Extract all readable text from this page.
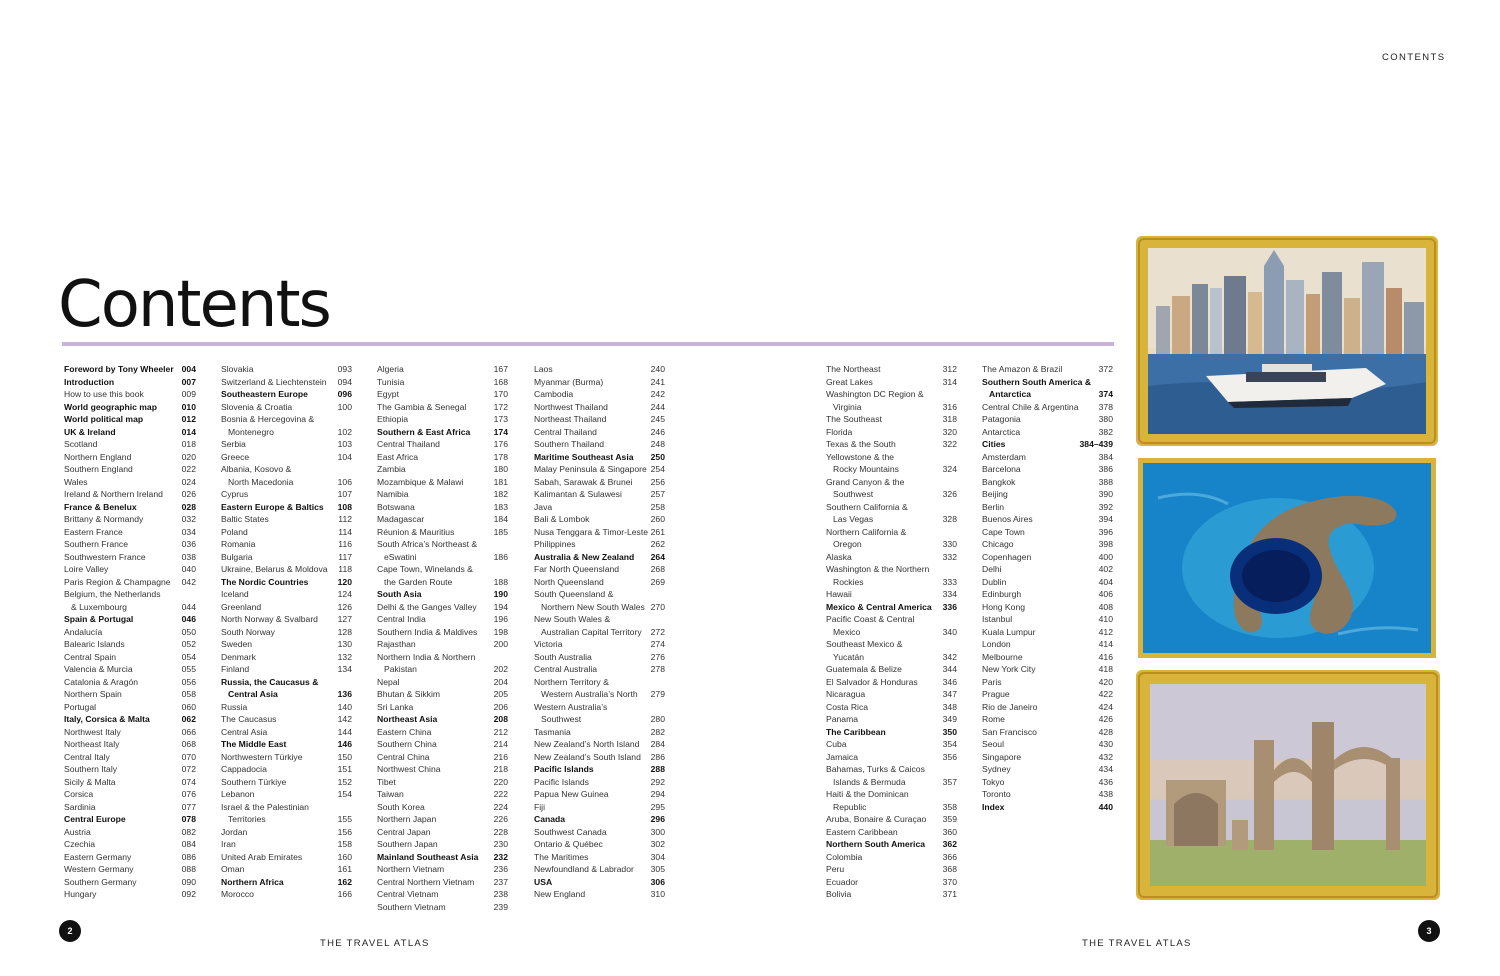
CONTENTS
Contents
Foreword by Tony Wheeler 004
Introduction	007
How to use this book	009
World geographic map	010
World political map	012
UK & Ireland	014
Scotland	018
Northern England	020
Southern England	022
Wales	024
Ireland & Northern Ireland	026
France & Benelux	028
Brittany & Normandy	032
Eastern France	034
Southern France	036
Southwestern France	038
Loire Valley	040
Paris Region & Champagne	042
Belgium, the Netherlands
& Luxembourg	044
Spain & Portugal	046
Andalucía	050
Balearic Islands	052
Central Spain	054
Valencia & Murcia	055
Catalonia & Aragón	056
Northern Spain	058
Portugal	060
Italy, Corsica & Malta	062
Northwest Italy	066
Northeast Italy	068
Central Italy	070
Southern Italy	072
Sicily & Malta	074
Corsica	076
Sardinia	077
Central Europe	078
Austria	082
Czechia	084
Eastern Germany	086
Western Germany	088
Southern Germany	090
Hungary	092
Slovakia	093
Switzerland & Liechtenstein	094
Southeastern Europe	096
Slovenia & Croatia	100
Bosnia & Hercegovina &
Montenegro	102
Serbia	103
Greece	104
Albania, Kosovo &
North Macedonia	106
Cyprus	107
Eastern Europe & Baltics	108
Baltic States	112
Poland	114
Romania	116
Bulgaria	117
Ukraine, Belarus & Moldova	118
The Nordic Countries	120
Iceland	124
Greenland	126
North Norway & Svalbard	127
South Norway	128
Sweden	130
Denmark	132
Finland	134
Russia, the Caucasus &
Central Asia	136
Russia	140
The Caucasus	142
Central Asia	144
The Middle East	146
Northwestern Türkiye	150
Cappadocia	151
Southern Türkiye	152
Lebanon	154
Israel & the Palestinian
Territories	155
Jordan	156
Iran	158
United Arab Emirates	160
Oman	161
Northern Africa	162
Morocco	166
Algeria	167
Tunisia	168
Egypt	170
The Gambia & Senegal	172
Ethiopia	173
Southern & East Africa	174
Central Thailand	176
East Africa	178
Zambia	180
Mozambique & Malawi	181
Namibia	182
Botswana	183
Madagascar	184
Réunion & Mauritius	185
South Africa’s Northeast &
eSwatini	186
Cape Town, Winelands &
the Garden Route	188
South Asia	190
Delhi & the Ganges Valley	194
Central India	196
Southern India & Maldives	198
Rajasthan	200
Northern India & Northern
Pakistan	202
Nepal	204
Bhutan & Sikkim	205
Sri Lanka	206
Northeast Asia	208
Eastern China	212
Southern China	214
Central China	216
Northwest China	218
Tibet	220
Taiwan	222
South Korea	224
Northern Japan	226
Central Japan	228
Southern Japan	230
Mainland Southeast Asia	232
Northern Vietnam	236
Central Northern Vietnam	237
Central Vietnam	238
Southern Vietnam	239
Laos	240
Myanmar (Burma)	241
Cambodia	242
Northwest Thailand	244
Northeast Thailand	245
Central Thailand	246
Southern Thailand	248
Maritime Southeast Asia	250
Malay Peninsula & Singapore 254
Sabah, Sarawak & Brunei	256
Kalimantan & Sulawesi	257
Java	258
Bali & Lombok	260
Nusa Tenggara & Timor-Leste 261
Philippines	262
Australia & New Zealand	264
Far North Queensland	268
North Queensland	269
South Queensland &
Northern New South Wales 270
New South Wales &
Australian Capital Territory	272
Victoria	274
South Australia	276
Central Australia	278
Northern Territory &
Western Australia’s North	279
Western Australia’s
Southwest	280
Tasmania	282
New Zealand’s North Island	284
New Zealand’s South Island	286
Pacific Islands	288
Pacific Islands	292
Papua New Guinea	294
Fiji	295
Canada	296
Southwest Canada	300
Ontario & Québec	302
The Maritimes	304
Newfoundland & Labrador	305
USA	306
New England	310
The Northeast	312
Great Lakes	314
Washington DC Region &
Virginia	316
The Southeast	318
Florida	320
Texas & the South	322
Yellowstone & the
Rocky Mountains	324
Grand Canyon & the
Southwest	326
Southern California &
Las Vegas	328
Northern California &
Oregon	330
Alaska	332
Washington & the Northern
Rockies	333
Hawaii	334
Mexico & Central America	336
Pacific Coast & Central
Mexico	340
Southeast Mexico &
Yucatán	342
Guatemala & Belize	344
El Salvador & Honduras	346
Nicaragua	347
Costa Rica	348
Panama	349
The Caribbean	350
Cuba	354
Jamaica	356
Bahamas, Turks & Caicos
Islands & Bermuda	357
Haiti & the Dominican
Republic	358
Aruba, Bonaire & Curaçao	359
Eastern Caribbean	360
Northern South America	362
Colombia	366
Peru	368
Ecuador	370
Bolivia	371
The Amazon & Brazil	372
Southern South America &
Antarctica	374
Central Chile & Argentina	378
Patagonia	380
Antarctica	382
Cities	384–439
Amsterdam	384
Barcelona	386
Bangkok	388
Beijing	390
Berlin	392
Buenos Aires	394
Cape Town	396
Chicago	398
Copenhagen	400
Delhi	402
Dublin	404
Edinburgh	406
Hong Kong	408
Istanbul	410
Kuala Lumpur	412
London	414
Melbourne	416
New York City	418
Paris	420
Prague	422
Rio de Janeiro	424
Rome	426
San Francisco	428
Seoul	430
Singapore	432
Sydney	434
Tokyo	436
Toronto	438
Index	440
2
THE TRAVEL ATLAS	THE TRAVEL ATLAS
3
